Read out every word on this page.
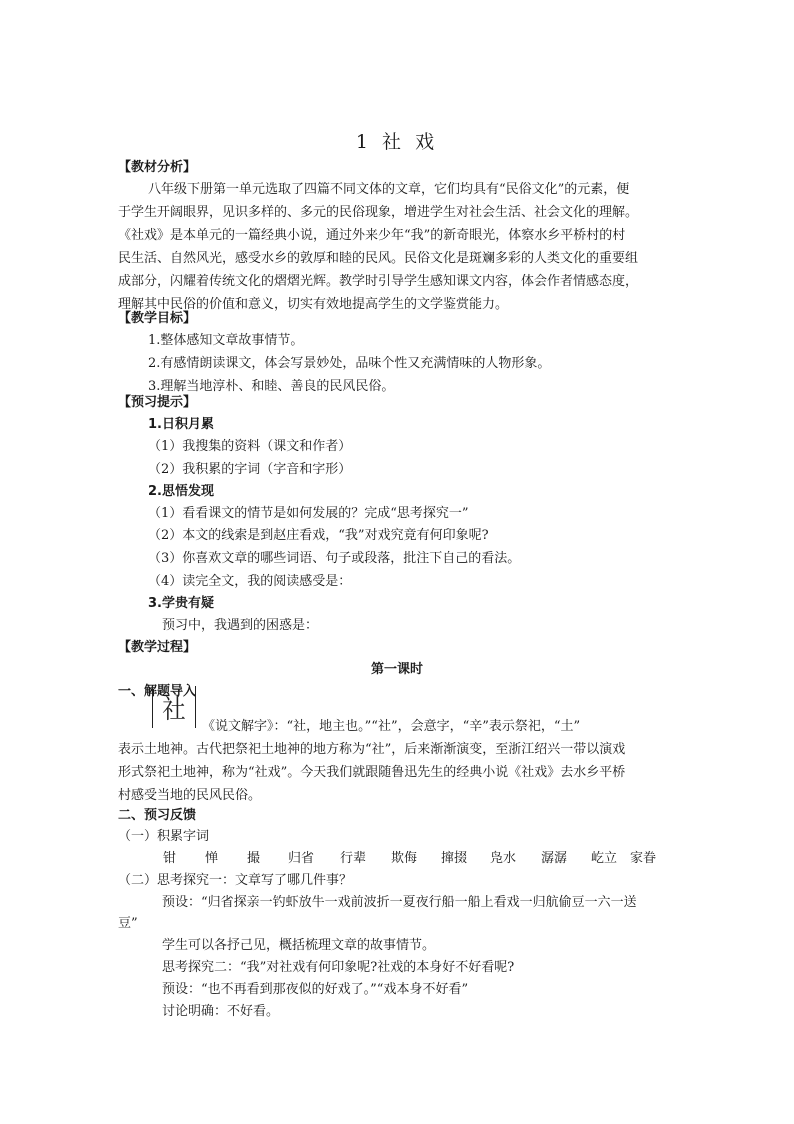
1 社 戏
【教材分析】
八年级下册第一单元选取了四篇不同文体的文章，它们均具有“民俗文化”的元素，便
于学生开阔眼界，见识多样的、多元的民俗现象，增进学生对社会生活、社会文化的理解。
《社戏》是本单元的一篇经典小说，通过外来少年“我”的新奇眼光，体察水乡平桥村的村
民生活、自然风光，感受水乡的敦厚和睦的民风。民俗文化是斑斓多彩的人类文化的重要组
成部分，闪耀着传统文化的熠熠光辉。教学时引导学生感知课文内容，体会作者情感态度，
理解其中民俗的价值和意义，切实有效地提高学生的文学鉴赏能力。
【教学目标】
1.整体感知文章故事情节。
2.有感情朗读课文，体会写景妙处，品味个性又充满情味的人物形象。
3.理解当地淳朴、和睦、善良的民风民俗。
【预习提示】
1.日积月累
（1）我搜集的资料（课文和作者）
（2）我积累的字词（字音和字形）
2.思悟发现
（1）看看课文的情节是如何发展的？完成“思考探究一”
（2）本文的线索是到赵庄看戏，“我”对戏究竟有何印象呢?
（3）你喜欢文章的哪些词语、句子或段落，批注下自己的看法。
（4）读完全文，我的阅读感受是：
3.学贵有疑
预习中，我遇到的困惑是：
【教学过程】
第一课时
一、解题导入
社
《说文解字》：“社，地主也。”“社”，会意字，“辛”表示祭祀，“土”
表示土地神。古代把祭祀土地神的地方称为“社”，后来渐渐演变，至浙江绍兴一带以演戏
形式祭祀土地神，称为“社戏”。今天我们就跟随鲁迅先生的经典小说《社戏》去水乡平桥
村感受当地的民风民俗。
二、预习反馈
（一）积累字词
钳 惮 撮 归省 行辈 欺侮 撺掇 凫水 潺潺 屹立 家眷
（二）思考探究一：文章写了哪几件事？
预设：“归省探亲一钓虾放牛一戏前波折一夏夜行船一船上看戏一归航偷豆一六一送
豆”
学生可以各抒己见，概括梳理文章的故事情节。
思考探究二：“我”对社戏有何印象呢?社戏的本身好不好看呢?
预设：“也不再看到那夜似的好戏了。”“戏本身不好看”
讨论明确：不好看。
